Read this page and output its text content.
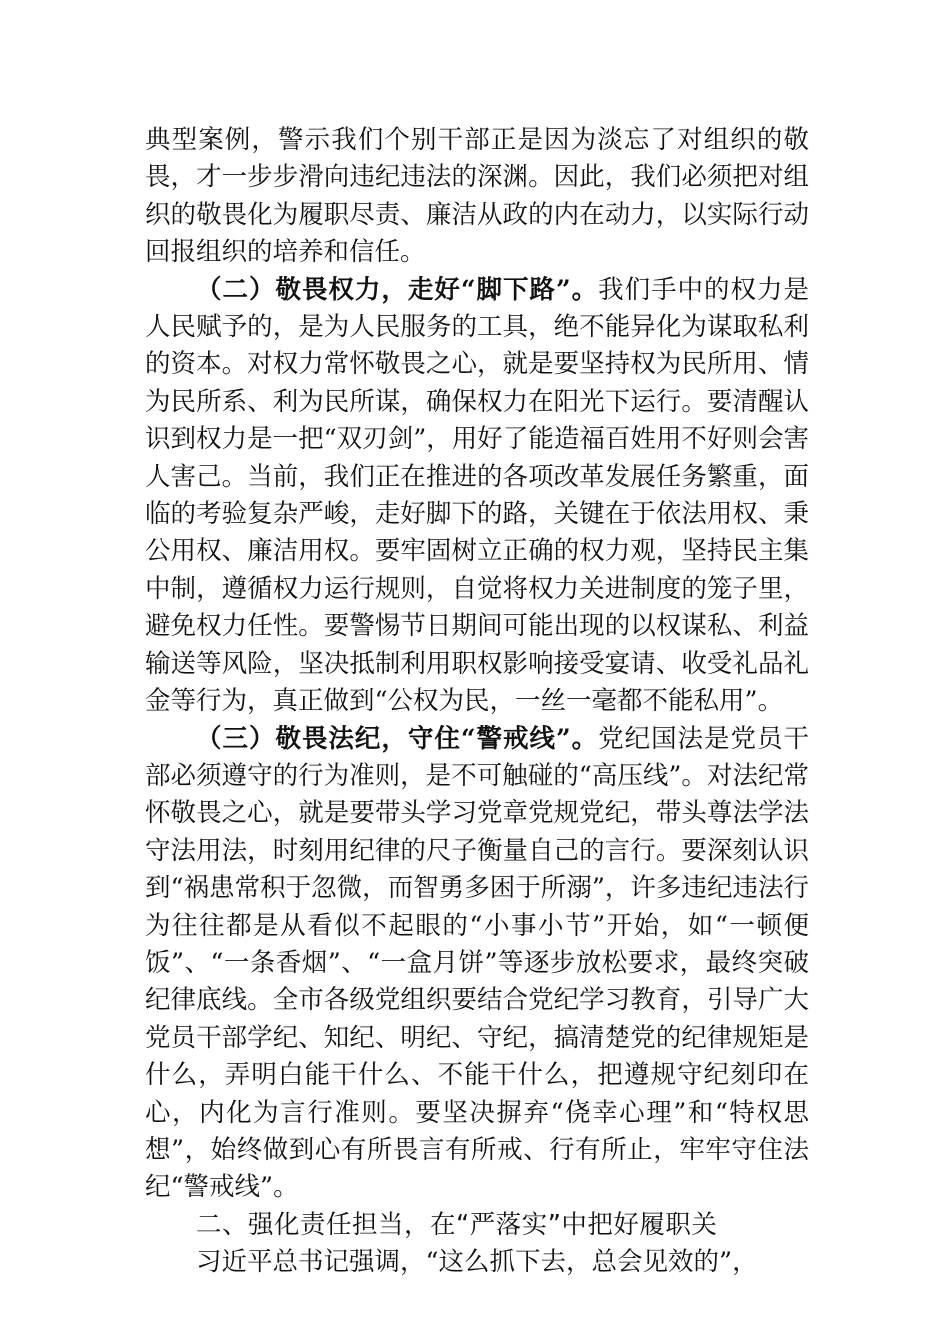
典型案例，警示我们个别干部正是因为淡忘了对组织的敬畏，才一步步滑向违纪违法的深渊。因此，我们必须把对组织的敬畏化为履职尽责、廉洁从政的内在动力，以实际行动回报组织的培养和信任。

（二）敬畏权力，走好“脚下路”。我们手中的权力是人民赋予的，是为人民服务的工具，绝不能异化为谋取私利的资本。对权力常怀敬畏之心，就是要坚持权为民所用、情为民所系、利为民所谋，确保权力在阳光下运行。要清醒认识到权力是一把“双刃剑”，用好了能造福百姓用不好则会害人害己。当前，我们正在推进的各项改革发展任务繁重，面临的考验复杂严峻，走好脚下的路，关键在于依法用权、秉公用权、廉洁用权。要牢固树立正确的权力观，坚持民主集中制，遵循权力运行规则，自觉将权力关进制度的笼子里，避免权力任性。要警惕节日期间可能出现的以权谋私、利益输送等风险，坚决抵制利用职权影响接受宴请、收受礼品礼金等行为，真正做到“公权为民，一丝一毫都不能私用”。

（三）敬畏法纪，守住“警戒线”。党纪国法是党员干部必须遵守的行为准则，是不可触碰的“高压线”。对法纪常怀敬畏之心，就是要带头学习党章党规党纪，带头尊法学法守法用法，时刻用纪律的尺子衡量自己的言行。要深刻认识到“祸患常积于忽微，而智勇多困于所溺”，许多违纪违法行为往往都是从看似不起眼的“小事小节”开始，如“一顿便饭”、“一条香烟”、“一盒月饼”等逐步放松要求，最终突破纪律底线。全市各级党组织要结合党纪学习教育，引导广大党员干部学纪、知纪、明纪、守纪，搞清楚党的纪律规矩是什么，弄明白能干什么、不能干什么，把遵规守纪刻印在心，内化为言行准则。要坚决摒弃“侥幸心理”和“特权思想”，始终做到心有所畏言有所戒、行有所止，牢牢守住法纪“警戒线”。

二、强化责任担当，在“严落实”中把好履职关

习近平总书记强调，“这么抓下去，总会见效的”，
